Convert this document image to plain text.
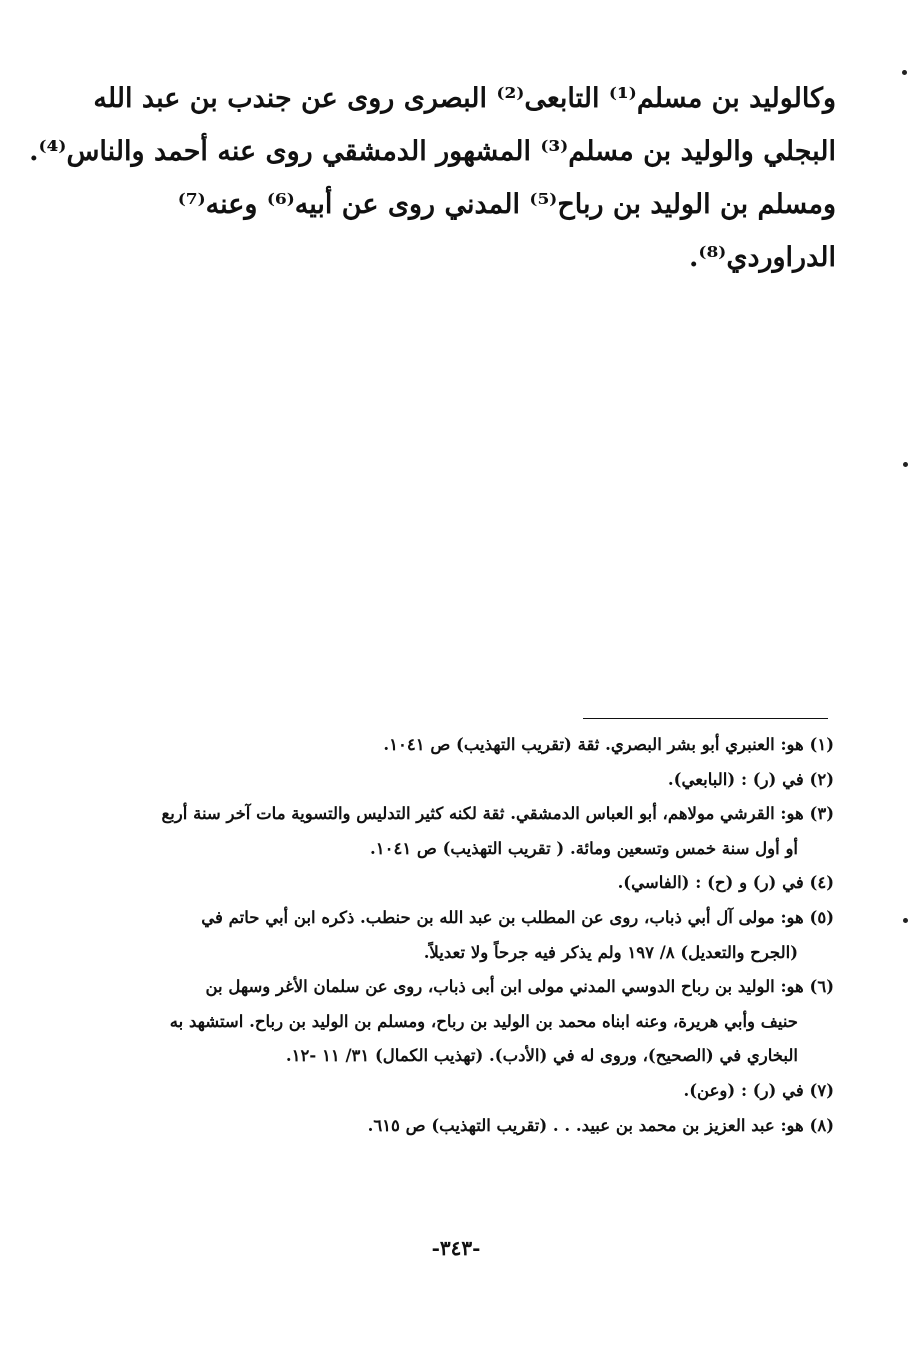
وكالوليد بن مسلم⁽¹⁾ التابعى⁽²⁾ البصرى روى عن جندب بن عبد الله
البجلي والوليد بن مسلم⁽³⁾ المشهور الدمشقي روى عنه أحمد والناس⁽⁴⁾.
ومسلم بن الوليد بن رباح⁽⁵⁾ المدني روى عن أبيه⁽⁶⁾ وعنه⁽⁷⁾
الدراوردي⁽⁸⁾.
(١) هو: العنبري أبو بشر البصري. ثقة (تقريب التهذيب) ص ١٠٤١.
(٢) في (ر) : (البابعي).
(٣) هو: القرشي مولاهم، أبو العباس الدمشقي. ثقة لكنه كثير التدليس والتسوية مات آخر سنة أربع
أو أول سنة خمس وتسعين ومائة. ( تقريب التهذيب) ص ١٠٤١.
(٤) في (ر) و (ح) : (الفاسي).
(٥) هو: مولى آل أبي ذباب، روى عن المطلب بن عبد الله بن حنطب. ذكره ابن أبي حاتم في
(الجرح والتعديل) ٨/ ١٩٧ ولم يذكر فيه جرحاً ولا تعديلاً.
(٦) هو: الوليد بن رباح الدوسي المدني مولى ابن أبى ذباب، روى عن سلمان الأغر وسهل بن
حنيف وأبي هريرة، وعنه ابناه محمد بن الوليد بن رباح، ومسلم بن الوليد بن رباح. استشهد به
البخاري في (الصحيح)، وروى له في (الأدب). (تهذيب الكمال) ٣١/ ١١ -١٢.
(٧) في (ر) : (وعن).
(٨) هو: عبد العزيز بن محمد بن عبيد. . . (تقريب التهذيب) ص ٦١٥.
-٣٤٣-
